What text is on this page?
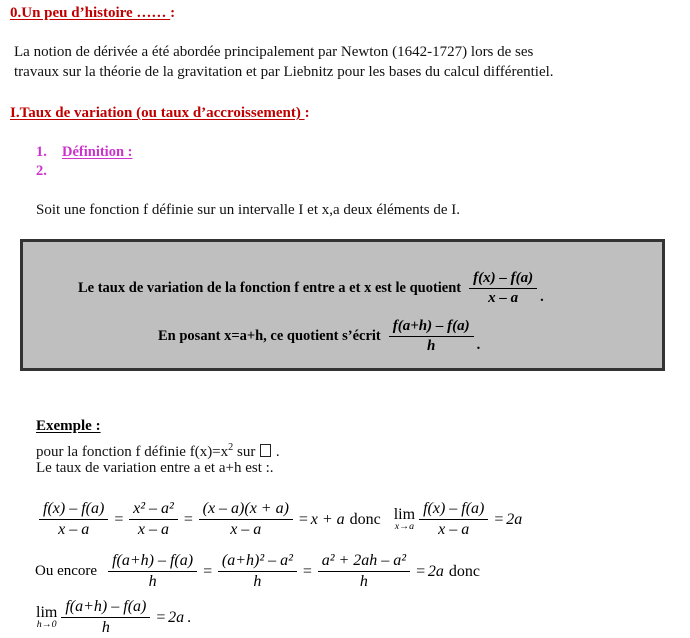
0.Un peu d’histoire …… :
La notion de dérivée a été abordée principalement par Newton (1642-1727) lors de ses
travaux sur la théorie de la gravitation et par Liebnitz pour les bases du calcul différentiel.
I.Taux de variation (ou taux d’accroissement) :
1. Définition :
2.
Soit une fonction f définie sur un intervalle I et x,a deux éléments de I.
Le taux de variation de la fonction f entre a et x est le quotient $\frac{f(x) - f(a)}{x - a}$ .
En posant x=a+h, ce quotient s’écrit $\frac{f(a+h) - f(a)}{h}$ .
Exemple :
pour la fonction f définie $f(x)=x^2$ sur .
Le taux de variation entre a et a+h est :.
$\frac{f(x) - f(a)}{x - a} = \frac{\text{x² – a²}}{x - a} = \frac{(x - a)(x + a)}{x - a} = x + a$ donc lim
$x\to a \frac{f(x) - f(a)}{x - a} = 2a$
Ou encore $\frac{f(a+h) - f(a)}{h} = \frac{\text{(a+h)² – a²}}{h} = \frac{\text{a² + 2ah – a²}}{h} = 2a$ donc
lim
$h\to 0 \frac{f(a+h) - f(a)}{h} = 2a$ .
